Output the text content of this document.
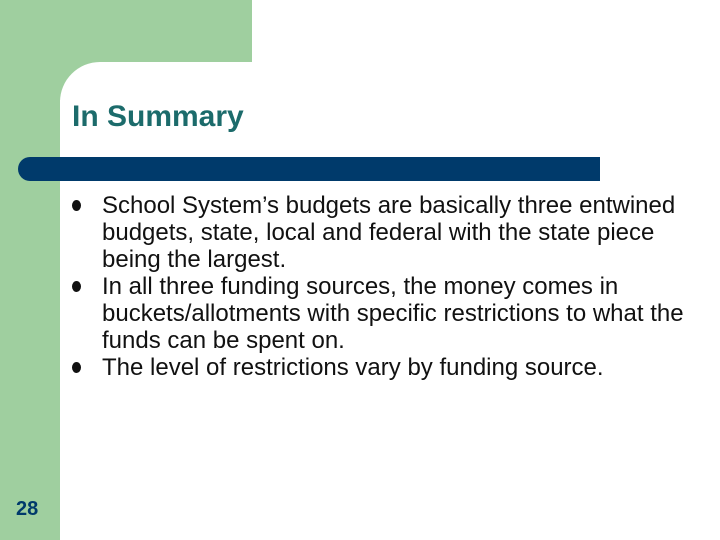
In Summary
School System’s budgets are basically three entwined budgets, state, local and federal with the state piece being the largest.
In all three funding sources, the money comes in buckets/allotments with specific restrictions to what the funds can be spent on.
The level of restrictions vary by funding source.
28
